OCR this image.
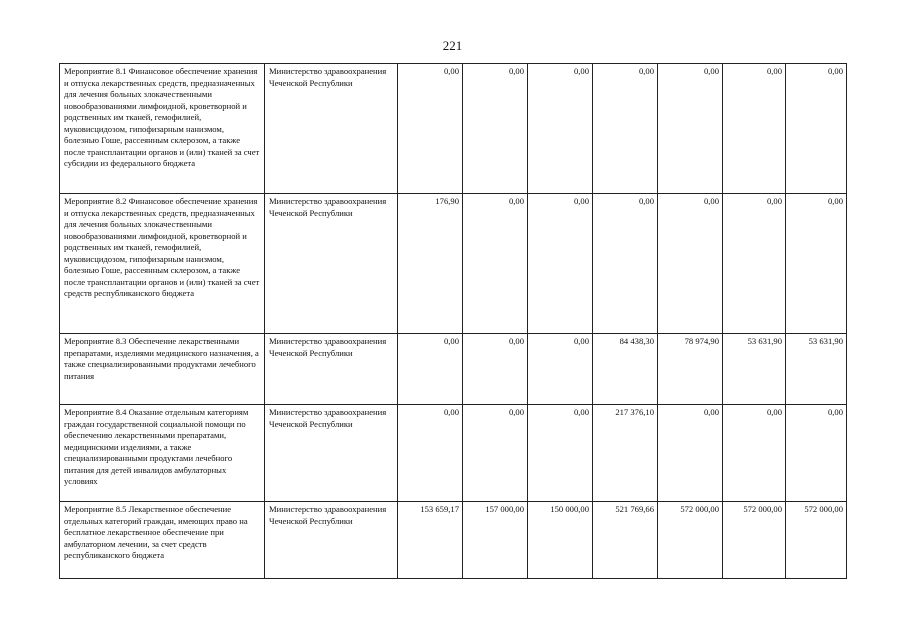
221
Мероприятие 8.1 Финансовое обеспечение хранения и отпуска лекарственных средств, предназначенных для лечения больных злокачественными новообразованиями лимфоидной, кроветворной и родственных им тканей, гемофилией, муковисцидозом, гипофизарным нанизмом, болезнью Гоше, рассеянным склерозом, а также после трансплантации органов и (или) тканей за счет субсидии из федерального бюджета	Министерство здравоохранения Чеченской Республики	0,00	0,00	0,00	0,00	0,00	0,00	0,00
Мероприятие 8.2 Финансовое обеспечение хранения и отпуска лекарственных средств, предназначенных для лечения больных злокачественными новообразованиями лимфоидной, кроветворной и родственных им тканей, гемофилией, муковисцидозом, гипофизарным нанизмом, болезнью Гоше, рассеянным склерозом, а также после трансплантации органов и (или) тканей за счет средств республиканского бюджета	Министерство здравоохранения Чеченской Республики	176,90	0,00	0,00	0,00	0,00	0,00	0,00
Мероприятие 8.3 Обеспечение лекарственными препаратами, изделиями медицинского назначения, а также специализированными продуктами лечебного питания	Министерство здравоохранения Чеченской Республики	0,00	0,00	0,00	84 438,30	78 974,90	53 631,90	53 631,90
Мероприятие 8.4 Оказание отдельным категориям граждан государственной социальной помощи по обеспечению лекарственными препаратами, медицинскими изделиями, а также специализированными продуктами лечебного питания для детей инвалидов амбулаторных условиях	Министерство здравоохранения Чеченской Республики	0,00	0,00	0,00	217 376,10	0,00	0,00	0,00
Мероприятие 8.5 Лекарственное обеспечение отдельных категорий граждан, имеющих право на бесплатное лекарственное обеспечение при амбулаторном лечении, за счет средств республиканского бюджета	Министерство здравоохранения Чеченской Республики	153 659,17	157 000,00	150 000,00	521 769,66	572 000,00	572 000,00	572 000,00
